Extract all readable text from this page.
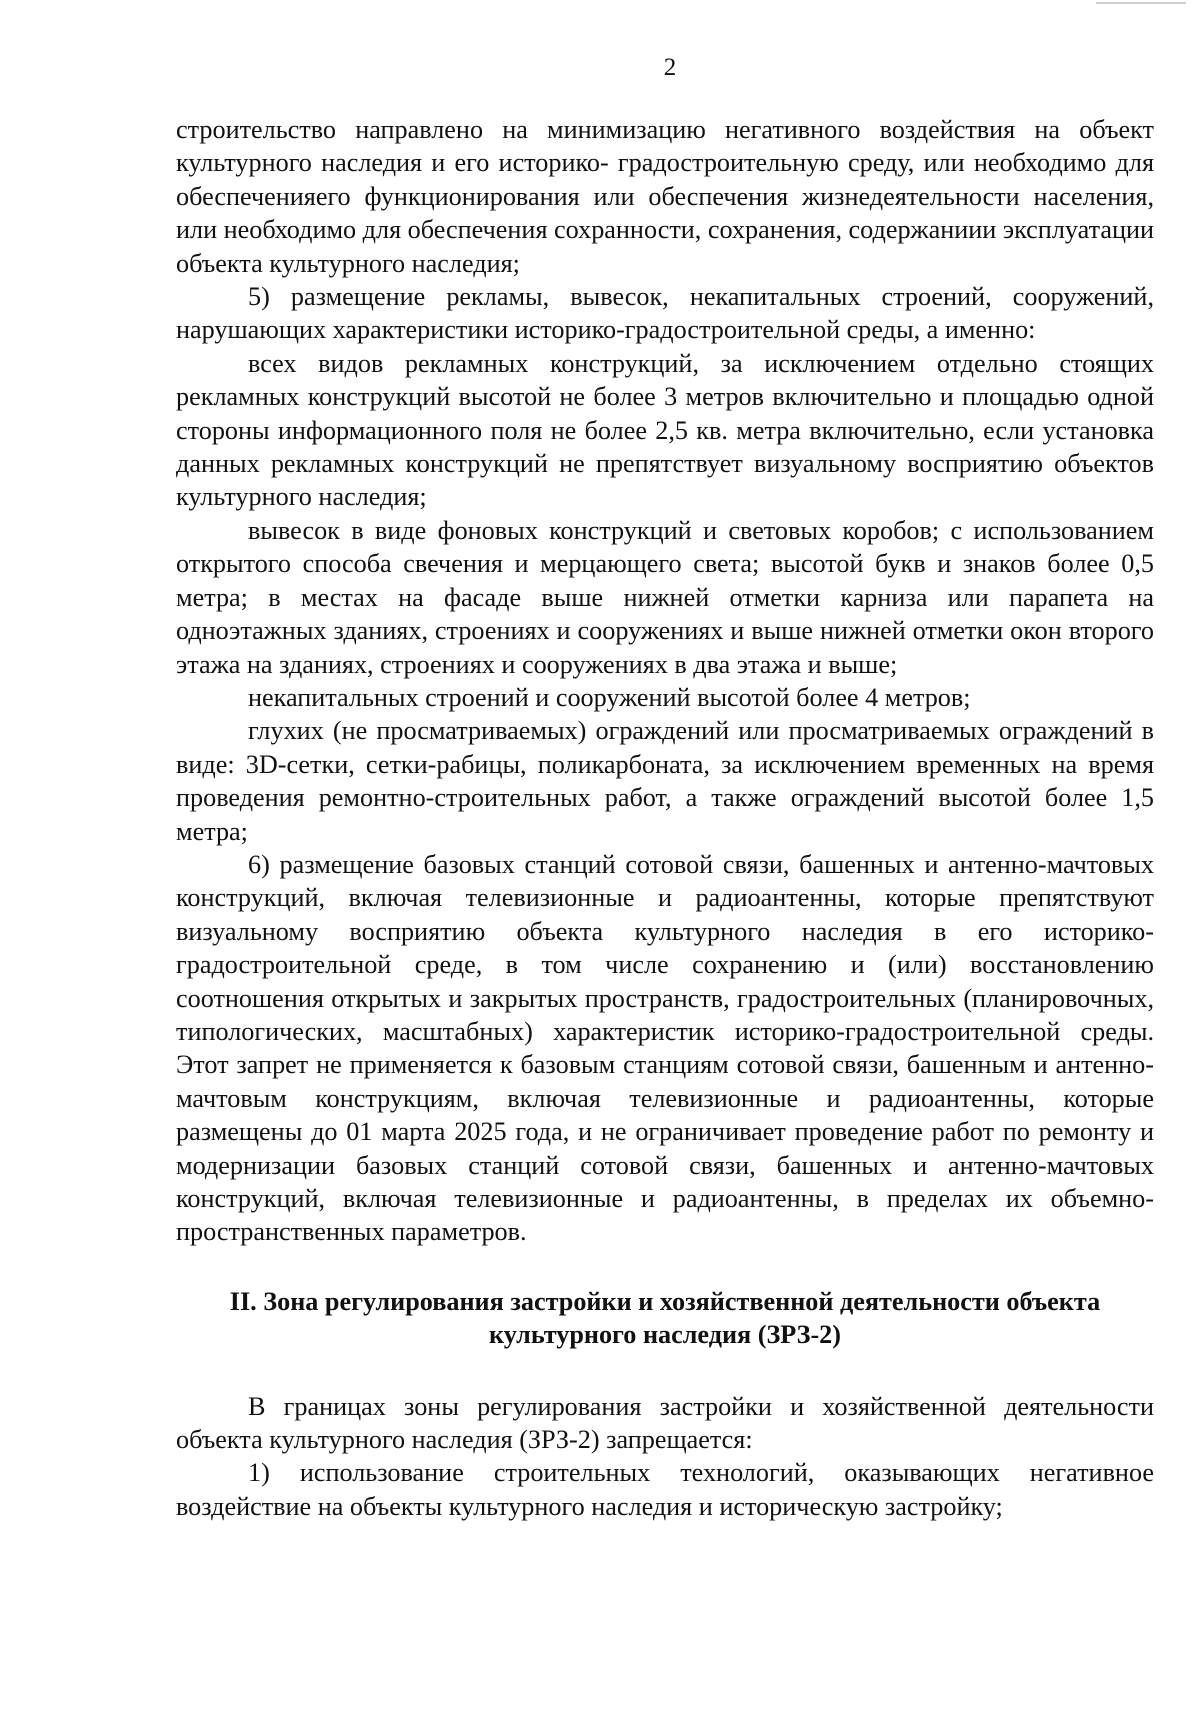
2

строительство направлено на минимизацию негативного воздействия на объект культурного наследия и его историко- градостроительную среду, или необходимо для обеспеченияего функционирования или обеспечения жизнедеятельности населения, или необходимо для обеспечения сохранности, сохранения, содержаниии эксплуатации объекта культурного наследия;

5) размещение рекламы, вывесок, некапитальных строений, сооружений, нарушающих характеристики историко-градостроительной среды, а именно:

всех видов рекламных конструкций, за исключением отдельно стоящих рекламных конструкций высотой не более 3 метров включительно и площадью одной стороны информационного поля не более 2,5 кв. метра включительно, если установка данных рекламных конструкций не препятствует визуальному восприятию объектов культурного наследия;

вывесок в виде фоновых конструкций и световых коробов; с использованием открытого способа свечения и мерцающего света; высотой букв и знаков более 0,5 метра; в местах на фасаде выше нижней отметки карниза или парапета на одноэтажных зданиях, строениях и сооружениях и выше нижней отметки окон второго этажа на зданиях, строениях и сооружениях в два этажа и выше;

некапитальных строений и сооружений высотой более 4 метров;

глухих (не просматриваемых) ограждений или просматриваемых ограждений в виде: 3D-сетки, сетки-рабицы, поликарбоната, за исключением временных на время проведения ремонтно-строительных работ, а также ограждений высотой более 1,5 метра;

6) размещение базовых станций сотовой связи, башенных и антенно-мачтовых конструкций, включая телевизионные и радиоантенны, которые препятствуют визуальному восприятию объекта культурного наследия в его историко-градостроительной среде, в том числе сохранению и (или) восстановлению соотношения открытых и закрытых пространств, градостроительных (планировочных, типологических, масштабных) характеристик историко-градостроительной среды. Этот запрет не применяется к базовым станциям сотовой связи, башенным и антенно-мачтовым конструкциям, включая телевизионные и радиоантенны, которые размещены до 01 марта 2025 года, и не ограничивает проведение работ по ремонту и модернизации базовых станций сотовой связи, башенных и антенно-мачтовых конструкций, включая телевизионные и радиоантенны, в пределах их объемно-пространственных параметров.

II. Зона регулирования застройки и хозяйственной деятельности объекта
культурного наследия (ЗРЗ-2)

В границах зоны регулирования застройки и хозяйственной деятельности объекта культурного наследия (ЗРЗ-2) запрещается:

1) использование строительных технологий, оказывающих негативное воздействие на объекты культурного наследия и историческую застройку;
